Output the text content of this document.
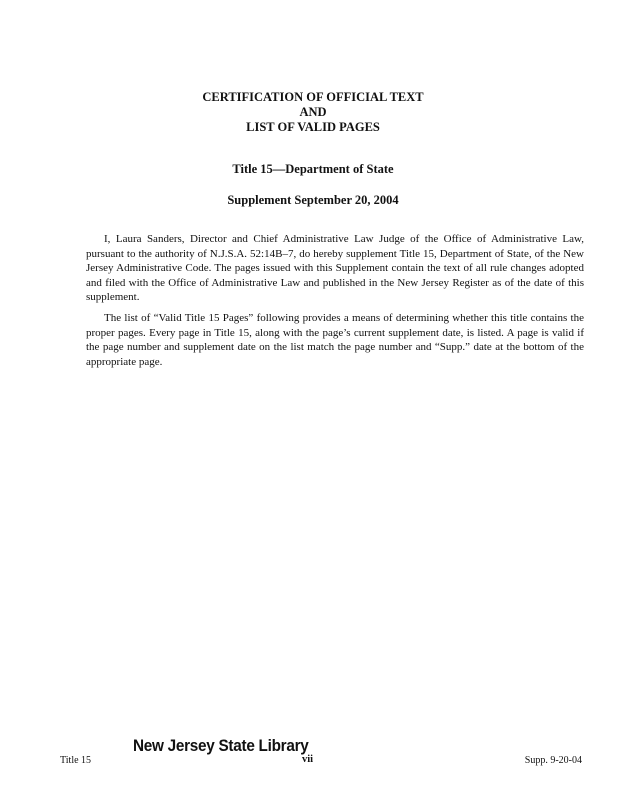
CERTIFICATION OF OFFICIAL TEXT
AND
LIST OF VALID PAGES
Title 15—Department of State
Supplement September 20, 2004

I, Laura Sanders, Director and Chief Administrative Law Judge of the Office of Administrative Law, pursuant to the authority of N.J.S.A. 52:14B–7, do hereby supplement Title 15, Department of State, of the New Jersey Administrative Code. The pages issued with this Supplement contain the text of all rule changes adopted and filed with the Office of Administrative Law and published in the New Jersey Register as of the date of this supplement.

The list of “Valid Title 15 Pages” following provides a means of determining whether this title contains the proper pages. Every page in Title 15, along with the page’s current supplement date, is listed. A page is valid if the page number and supplement date on the list match the page number and “Supp.” date at the bottom of the appropriate page.

Title 15
New Jersey State Library
vii	Supp. 9-20-04
